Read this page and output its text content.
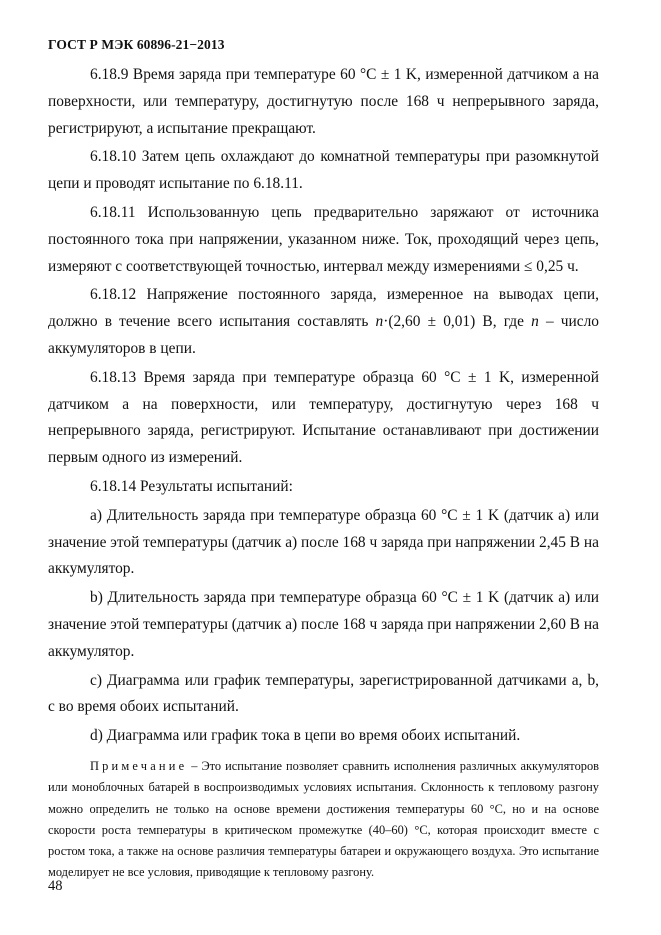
ГОСТ Р МЭК 60896-21−2013

6.18.9 Время заряда при температуре 60 °С ± 1 K, измеренной датчиком а на поверхности, или температуру, достигнутую после 168 ч непрерывного заряда, регистрируют, а испытание прекращают.

6.18.10 Затем цепь охлаждают до комнатной температуры при разомкнутой цепи и проводят испытание по 6.18.11.

6.18.11 Использованную цепь предварительно заряжают от источника постоянного тока при напряжении, указанном ниже. Ток, проходящий через цепь, измеряют с соответствующей точностью, интервал между измерениями ≤ 0,25 ч.

6.18.12 Напряжение постоянного заряда, измеренное на выводах цепи, должно в течение всего испытания составлять n·(2,60 ± 0,01) В, где n – число аккумуляторов в цепи.

6.18.13 Время заряда при температуре образца 60 °С ± 1 K, измеренной датчиком а на поверхности, или температуру, достигнутую через 168 ч непрерывного заряда, регистрируют. Испытание останавливают при достижении первым одного из измерений.

6.18.14 Результаты испытаний:

a) Длительность заряда при температуре образца 60 °С ± 1 K (датчик а) или значение этой температуры (датчик а) после 168 ч заряда при напряжении 2,45 В на аккумулятор.

b) Длительность заряда при температуре образца 60 °С ± 1 K (датчик а) или значение этой температуры (датчик а) после 168 ч заряда при напряжении 2,60 В на аккумулятор.

с) Диаграмма или график температуры, зарегистрированной датчиками a, b, c во время обоих испытаний.

d) Диаграмма или график тока в цепи во время обоих испытаний.

Примечание – Это испытание позволяет сравнить исполнения различных аккумуляторов или моноблочных батарей в воспроизводимых условиях испытания. Склонность к тепловому разгону можно определить не только на основе времени достижения температуры 60 °С, но и на основе скорости роста температуры в критическом промежутке (40–60) °С, которая происходит вместе с ростом тока, а также на основе различия температуры батареи и окружающего воздуха. Это испытание моделирует не все условия, приводящие к тепловому разгону.

48
